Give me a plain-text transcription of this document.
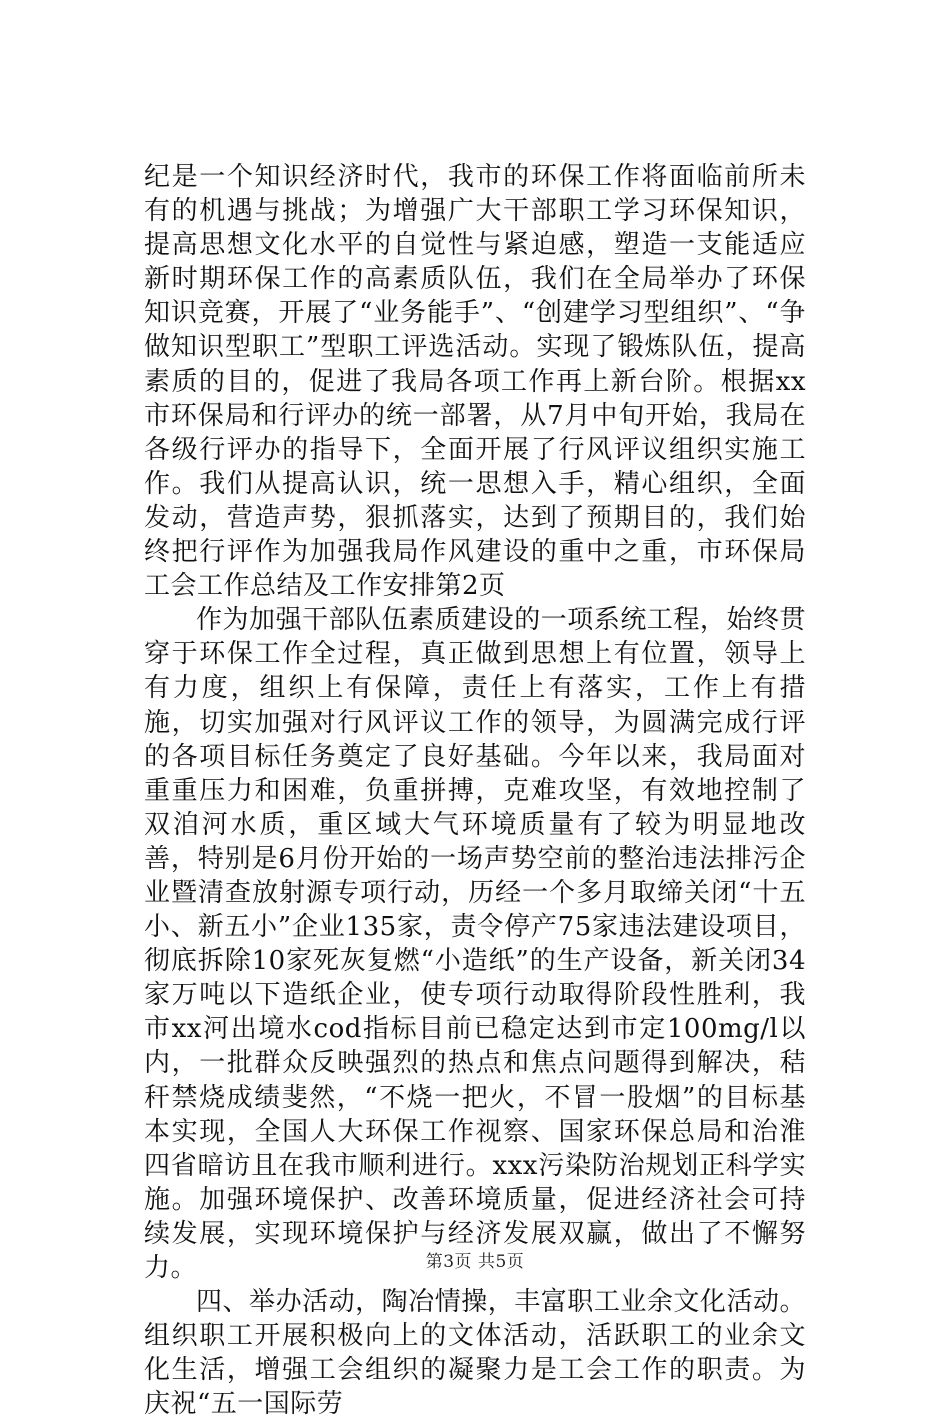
纪是一个知识经济时代，我市的环保工作将面临前所未有的机遇与挑战；为增强广大干部职工学习环保知识，提高思想文化水平的自觉性与紧迫感，塑造一支能适应新时期环保工作的高素质队伍，我们在全局举办了环保知识竞赛，开展了“业务能手”、“创建学习型组织”、“争做知识型职工”型职工评选活动。实现了锻炼队伍，提高素质的目的，促进了我局各项工作再上新台阶。根据xx市环保局和行评办的统一部署，从7月中旬开始，我局在各级行评办的指导下，全面开展了行风评议组织实施工作。我们从提高认识，统一思想入手，精心组织，全面发动，营造声势，狠抓落实，达到了预期目的，我们始终把行评作为加强我局作风建设的重中之重，市环保局工会工作总结及工作安排第2页

作为加强干部队伍素质建设的一项系统工程，始终贯穿于环保工作全过程，真正做到思想上有位置，领导上有力度，组织上有保障，责任上有落实，工作上有措施，切实加强对行风评议工作的领导，为圆满完成行评的各项目标任务奠定了良好基础。今年以来，我局面对重重压力和困难，负重拼搏，克难攻坚，有效地控制了双洎河水质，重区域大气环境质量有了较为明显地改善，特别是6月份开始的一场声势空前的整治违法排污企业暨清查放射源专项行动，历经一个多月取缔关闭“十五小、新五小”企业135家，责令停产75家违法建设项目，彻底拆除10家死灰复燃“小造纸”的生产设备，新关闭34家万吨以下造纸企业，使专项行动取得阶段性胜利，我市xx河出境水cod指标目前已稳定达到市定100mg/l以内，一批群众反映强烈的热点和焦点问题得到解决，秸秆禁烧成绩斐然，“不烧一把火，不冒一股烟”的目标基本实现，全国人大环保工作视察、国家环保总局和治淮四省暗访且在我市顺利进行。xxx污染防治规划正科学实施。加强环境保护、改善环境质量，促进经济社会可持续发展，实现环境保护与经济发展双赢，做出了不懈努力。

四、举办活动，陶冶情操，丰富职工业余文化活动。组织职工开展积极向上的文体活动，活跃职工的业余文化生活，增强工会组织的凝聚力是工会工作的职责。为庆祝“五一国际劳

第3页 共5页
